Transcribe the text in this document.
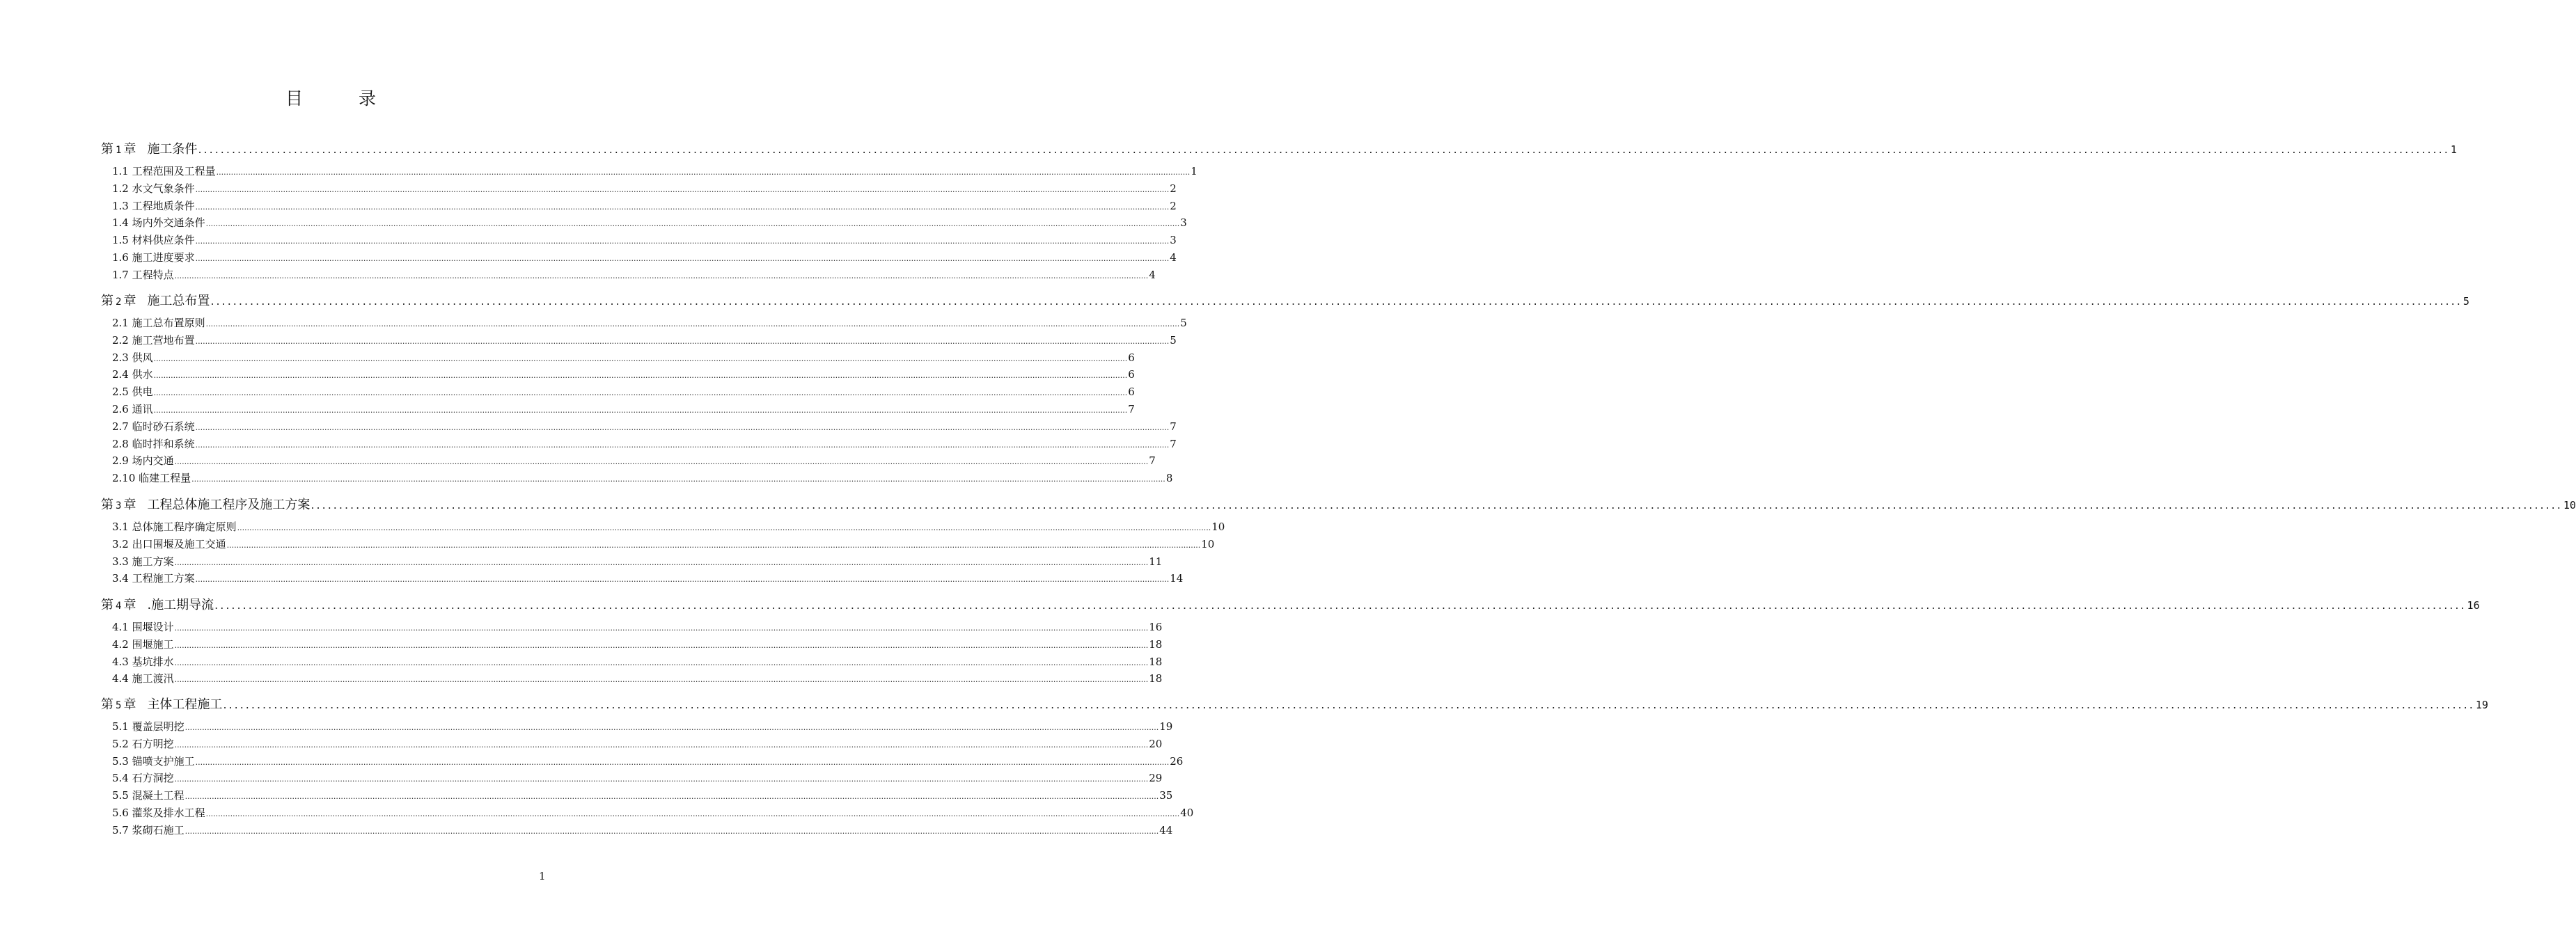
目 录
第 1 章 施工条件 ................................................................................................................................................................................................................................................................................................................................................................................................................ 1
1.1 工程范围及工程量 ................................................................................................................................................................................................................................................................................................................................................................................................................ 1
1.2 水文气象条件 ................................................................................................................................................................................................................................................................................................................................................................................................................ 2
1.3 工程地质条件 ................................................................................................................................................................................................................................................................................................................................................................................................................ 2
1.4 场内外交通条件 ................................................................................................................................................................................................................................................................................................................................................................................................................ 3
1.5 材料供应条件 ................................................................................................................................................................................................................................................................................................................................................................................................................ 3
1.6 施工进度要求 ................................................................................................................................................................................................................................................................................................................................................................................................................ 4
1.7 工程特点 ................................................................................................................................................................................................................................................................................................................................................................................................................ 4
第 2 章 施工总布置 ................................................................................................................................................................................................................................................................................................................................................................................................................ 5
2.1 施工总布置原则 ................................................................................................................................................................................................................................................................................................................................................................................................................ 5
2.2 施工营地布置 ................................................................................................................................................................................................................................................................................................................................................................................................................ 5
2.3 供风 ................................................................................................................................................................................................................................................................................................................................................................................................................ 6
2.4 供水 ................................................................................................................................................................................................................................................................................................................................................................................................................ 6
2.5 供电 ................................................................................................................................................................................................................................................................................................................................................................................................................ 6
2.6 通讯 ................................................................................................................................................................................................................................................................................................................................................................................................................ 7
2.7 临时砂石系统 ................................................................................................................................................................................................................................................................................................................................................................................................................ 7
2.8 临时拌和系统 ................................................................................................................................................................................................................................................................................................................................................................................................................ 7
2.9 场内交通 ................................................................................................................................................................................................................................................................................................................................................................................................................ 7
2.10 临建工程量 ................................................................................................................................................................................................................................................................................................................................................................................................................ 8
第 3 章 工程总体施工程序及施工方案 ................................................................................................................................................................................................................................................................................................................................................................................................................ 10
3.1 总体施工程序确定原则 ................................................................................................................................................................................................................................................................................................................................................................................................................ 10
3.2 出口围堰及施工交通 ................................................................................................................................................................................................................................................................................................................................................................................................................ 10
3.3 施工方案 ................................................................................................................................................................................................................................................................................................................................................................................................................ 11
3.4 工程施工方案 ................................................................................................................................................................................................................................................................................................................................................................................................................ 14
第 4 章 .施工期导流 ................................................................................................................................................................................................................................................................................................................................................................................................................ 16
4.1 围堰设计 ................................................................................................................................................................................................................................................................................................................................................................................................................ 16
4.2 围堰施工 ................................................................................................................................................................................................................................................................................................................................................................................................................ 18
4.3 基坑排水 ................................................................................................................................................................................................................................................................................................................................................................................................................ 18
4.4 施工渡汛 ................................................................................................................................................................................................................................................................................................................................................................................................................ 18
第 5 章 主体工程施工 ................................................................................................................................................................................................................................................................................................................................................................................................................ 19
5.1 覆盖层明挖 ................................................................................................................................................................................................................................................................................................................................................................................................................ 19
5.2 石方明挖 ................................................................................................................................................................................................................................................................................................................................................................................................................ 20
5.3 锚喷支护施工 ................................................................................................................................................................................................................................................................................................................................................................................................................ 26
5.4 石方洞挖 ................................................................................................................................................................................................................................................................................................................................................................................................................ 29
5.5 混凝土工程 ................................................................................................................................................................................................................................................................................................................................................................................................................ 35
5.6 灌浆及排水工程 ................................................................................................................................................................................................................................................................................................................................................................................................................ 40
5.7 浆砌石施工 ................................................................................................................................................................................................................................................................................................................................................................................................................ 44
1
